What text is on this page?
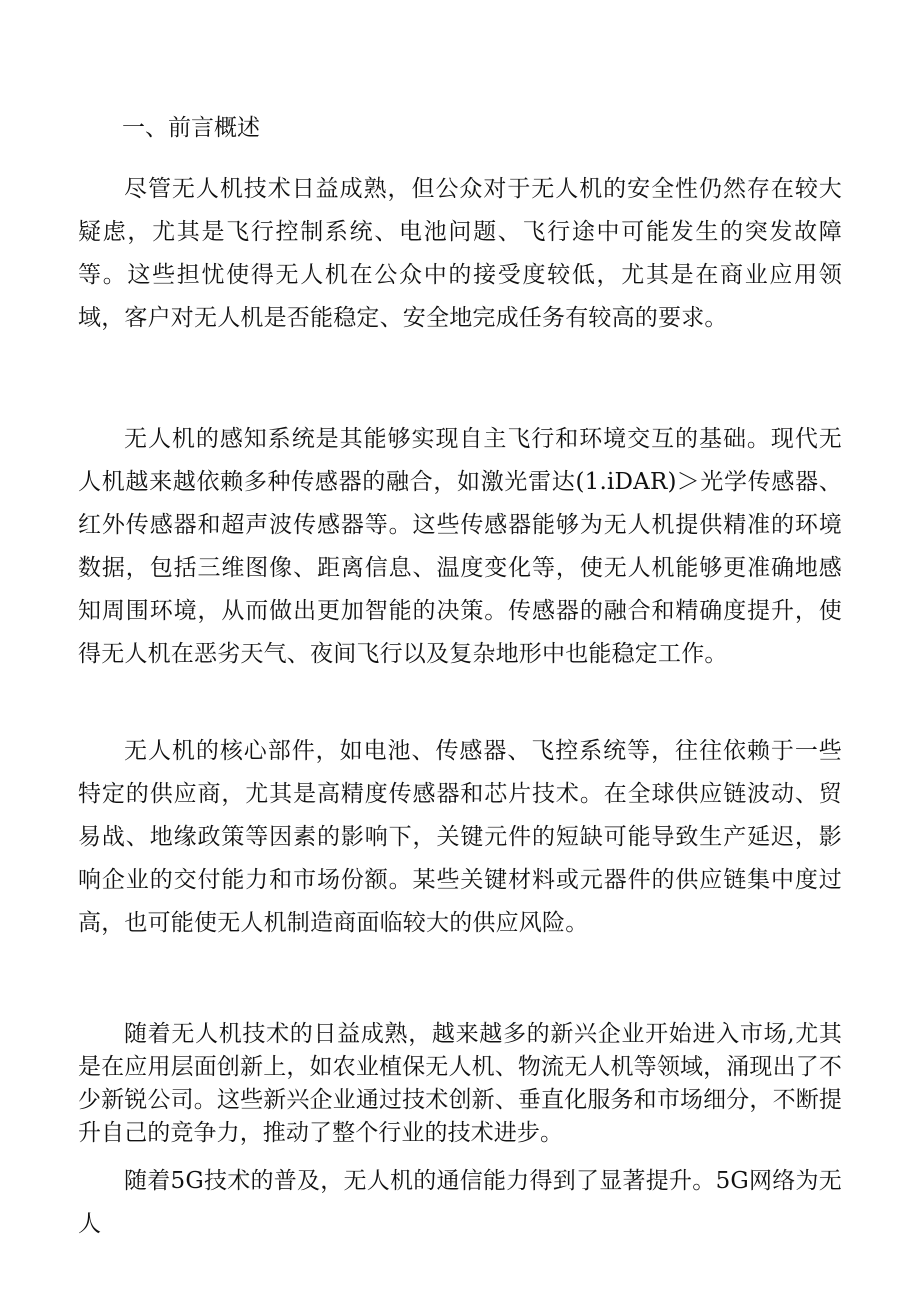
一、前言概述

尽管无人机技术日益成熟，但公众对于无人机的安全性仍然存在较大疑虑，尤其是飞行控制系统、电池问题、飞行途中可能发生的突发故障等。这些担忧使得无人机在公众中的接受度较低，尤其是在商业应用领域，客户对无人机是否能稳定、安全地完成任务有较高的要求。

无人机的感知系统是其能够实现自主飞行和环境交互的基础。现代无人机越来越依赖多种传感器的融合，如激光雷达(1.iDAR)＞光学传感器、红外传感器和超声波传感器等。这些传感器能够为无人机提供精准的环境数据，包括三维图像、距离信息、温度变化等，使无人机能够更准确地感知周围环境，从而做出更加智能的决策。传感器的融合和精确度提升，使得无人机在恶劣天气、夜间飞行以及复杂地形中也能稳定工作。

无人机的核心部件，如电池、传感器、飞控系统等，往往依赖于一些特定的供应商，尤其是高精度传感器和芯片技术。在全球供应链波动、贸易战、地缘政策等因素的影响下，关键元件的短缺可能导致生产延迟，影响企业的交付能力和市场份额。某些关键材料或元器件的供应链集中度过高，也可能使无人机制造商面临较大的供应风险。

随着无人机技术的日益成熟，越来越多的新兴企业开始进入市场,尤其是在应用层面创新上，如农业植保无人机、物流无人机等领域，涌现出了不少新锐公司。这些新兴企业通过技术创新、垂直化服务和市场细分，不断提升自己的竞争力，推动了整个行业的技术进步。

随着5G技术的普及，无人机的通信能力得到了显著提升。5G网络为无人
